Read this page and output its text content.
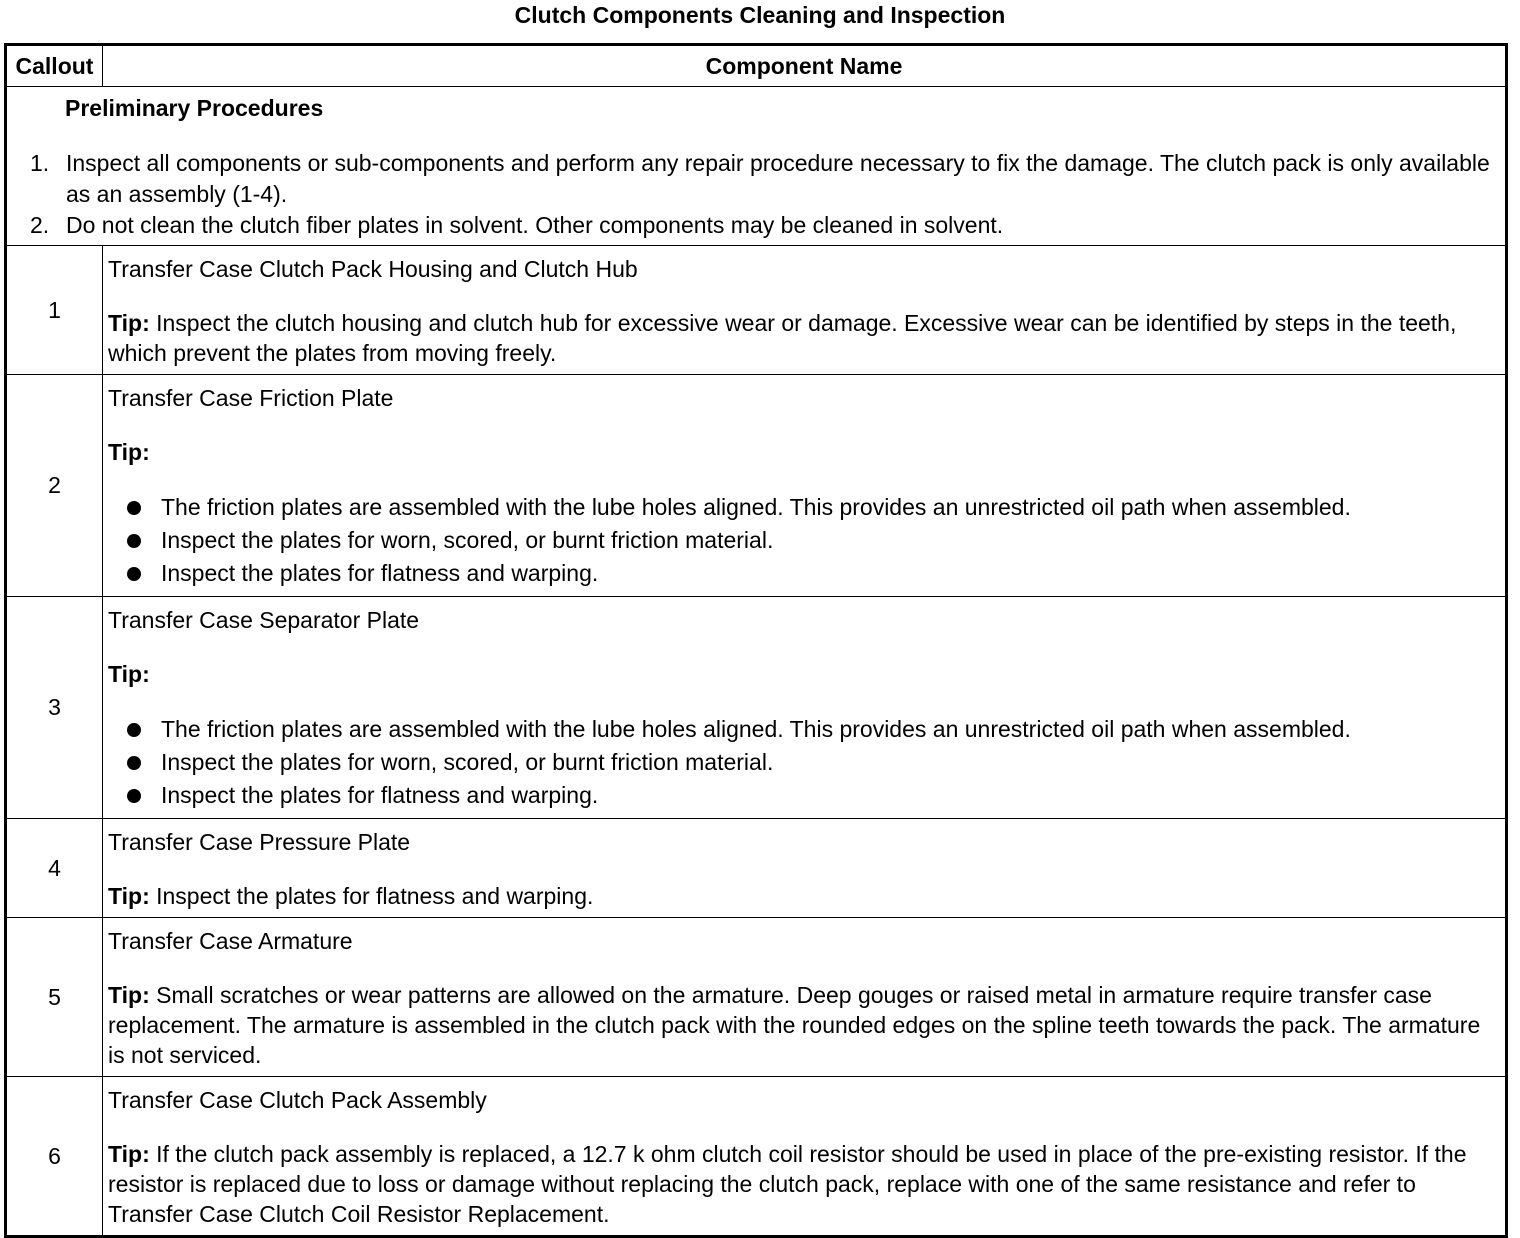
Clutch Components Cleaning and Inspection
Callout	Component Name

Preliminary Procedures
1. Inspect all components or sub-components and perform any repair procedure necessary to fix the damage. The clutch pack is only available as an assembly (1-4).
2. Do not clean the clutch fiber plates in solvent. Other components may be cleaned in solvent.	

1	Transfer Case Clutch Pack Housing and Clutch Hub
Tip: Inspect the clutch housing and clutch hub for excessive wear or damage. Excessive wear can be identified by steps in the teeth, which prevent the plates from moving freely.

2	Transfer Case Friction Plate
Tip:
The friction plates are assembled with the lube holes aligned. This provides an unrestricted oil path when assembled.
Inspect the plates for worn, scored, or burnt friction material.
Inspect the plates for flatness and warping.

3	Transfer Case Separator Plate
Tip:
The friction plates are assembled with the lube holes aligned. This provides an unrestricted oil path when assembled.
Inspect the plates for worn, scored, or burnt friction material.
Inspect the plates for flatness and warping.

4	Transfer Case Pressure Plate
Tip: Inspect the plates for flatness and warping.

5	Transfer Case Armature
Tip: Small scratches or wear patterns are allowed on the armature. Deep gouges or raised metal in armature require transfer case replacement. The armature is assembled in the clutch pack with the rounded edges on the spline teeth towards the pack. The armature is not serviced.

6	Transfer Case Clutch Pack Assembly
Tip: If the clutch pack assembly is replaced, a 12.7 k ohm clutch coil resistor should be used in place of the pre-existing resistor. If the resistor is replaced due to loss or damage without replacing the clutch pack, replace with one of the same resistance and refer to Transfer Case Clutch Coil Resistor Replacement.
